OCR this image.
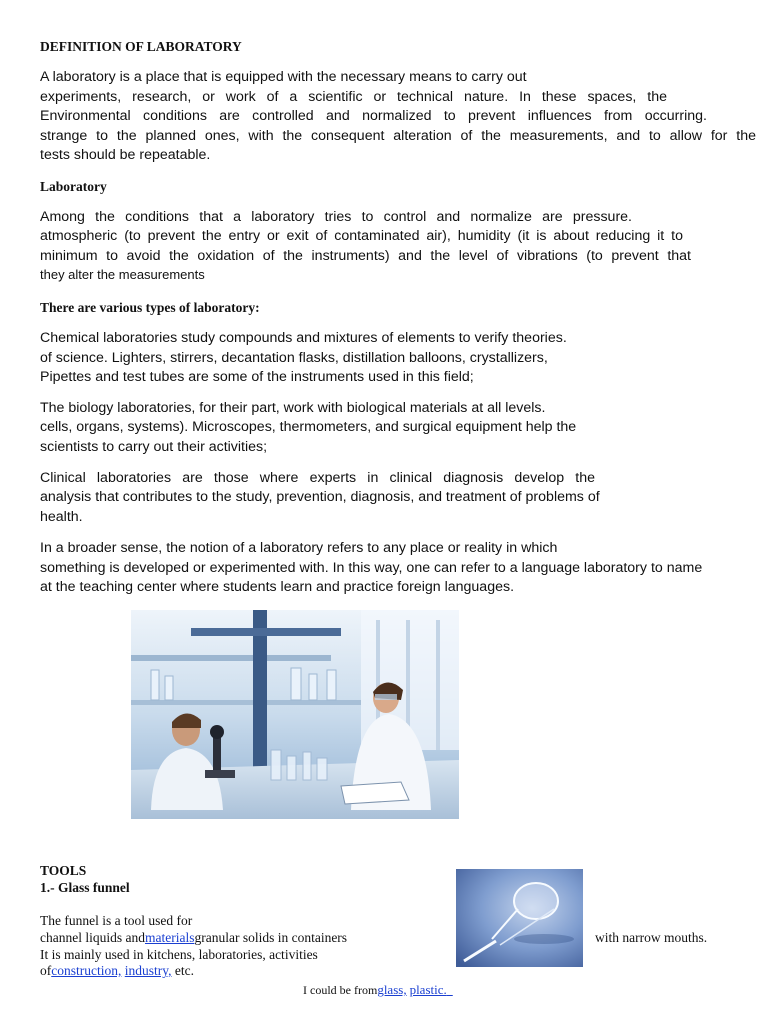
DEFINITION OF LABORATORY
A laboratory is a place that is equipped with the necessary means to carry out
experiments, research, or work of a scientific or technical nature. In these spaces, the
Environmental conditions are controlled and normalized to prevent influences from occurring.
strange to the planned ones, with the consequent alteration of the measurements, and to allow for the
tests should be repeatable.
Laboratory
Among the conditions that a laboratory tries to control and normalize are pressure.
atmospheric (to prevent the entry or exit of contaminated air), humidity (it is about reducing it to
minimum to avoid the oxidation of the instruments) and the level of vibrations (to prevent that
they alter the measurements
There are various types of laboratory:
Chemical laboratories study compounds and mixtures of elements to verify theories.
of science. Lighters, stirrers, decantation flasks, distillation balloons, crystallizers,
Pipettes and test tubes are some of the instruments used in this field;
The biology laboratories, for their part, work with biological materials at all levels.
cells, organs, systems). Microscopes, thermometers, and surgical equipment help the
scientists to carry out their activities;
Clinical laboratories are those where experts in clinical diagnosis develop the
analysis that contributes to the study, prevention, diagnosis, and treatment of problems of
health.
In a broader sense, the notion of a laboratory refers to any place or reality in which
something is developed or experimented with. In this way, one can refer to a language laboratory to name
at the teaching center where students learn and practice foreign languages.
TOOLS
1.- Glass funnel
The funnel is a tool used for
channel liquids andmaterialsgranular solids in containers	with narrow mouths.
It is mainly used in kitchens, laboratories, activities
ofconstruction, industry, etc.
I could be fromglass, plastic.
